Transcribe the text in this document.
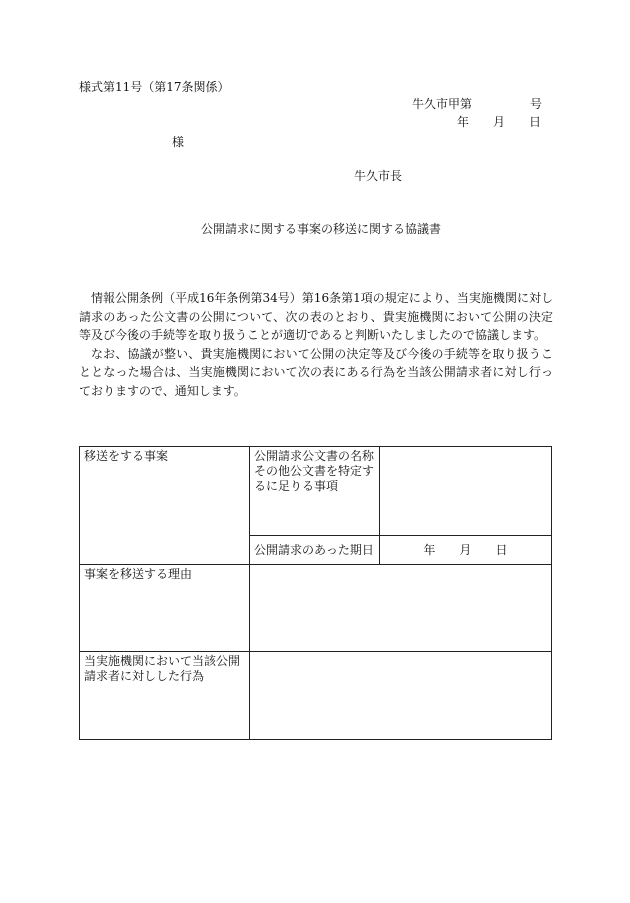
様式第11号（第17条関係）
牛久市甲第	号
年 月 日
様
牛久市長
公開請求に関する事案の移送に関する協議書

情報公開条例（平成16年条例第34号）第16条第1項の規定により、当実施機関に対し請求のあった公文書の公開について、次の表のとおり、貴実施機関において公開の決定等及び今後の手続等を取り扱うことが適切であると判断いたしましたので協議します。

なお、協議が整い、貴実施機関において公開の決定等及び今後の手続等を取り扱うこととなった場合は、当実施機関において次の表にある行為を当該公開請求者に対し行っておりますので、通知します。

移送をする事案	公開請求公文書の名称その他公文書を特定するに足りる事項	
	公開請求のあった期日	年 月 日
事案を移送する理由		
当実施機関において当該公開請求者に対しした行為		
